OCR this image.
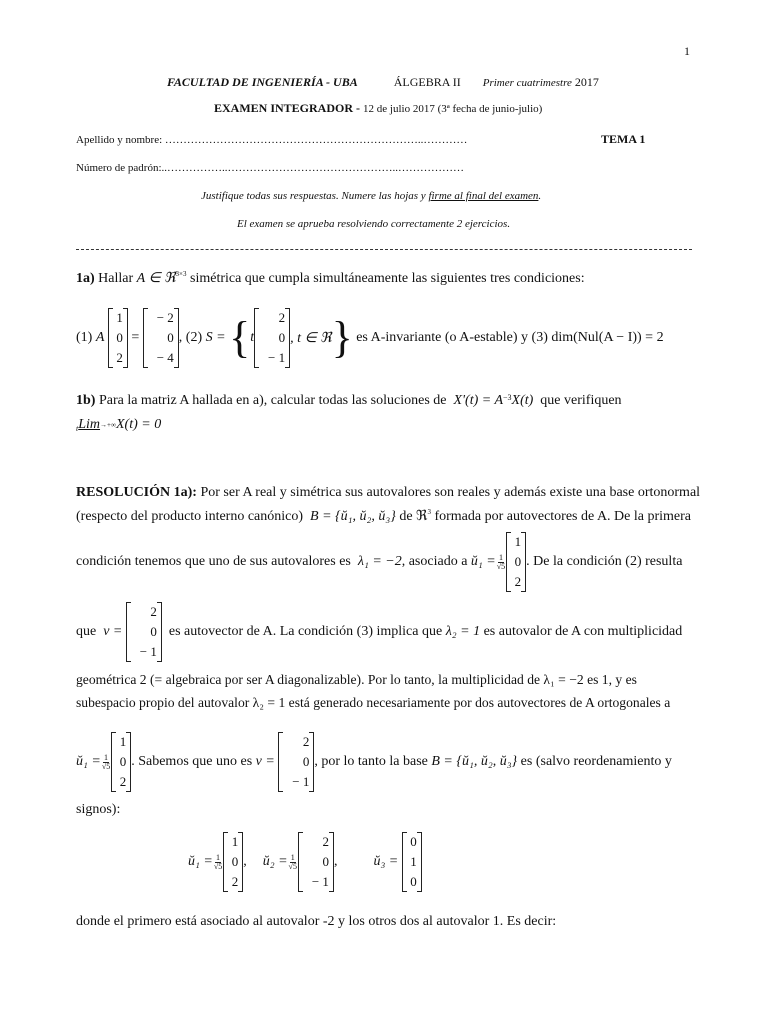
1
FACULTAD DE INGENIERÍA - UBA	ÁLGEBRA II Primer cuatrimestre 2017
EXAMEN INTEGRADOR - 12 de julio 2017 (3ª fecha de junio-julio)
Apellido y nombre: ……………………………………………………………..…………	TEMA 1
Número de padrón:..……………..………………………………………..………………
Justifique todas sus respuestas. Numere las hojas y firme al final del examen.
El examen se aprueba resolviendo correctamente 2 ejercicios.
1a)
Hallar
A ∈ ℜ$^{3\times 3}$
simétrica que cumpla simultáneamente las siguientes tres condiciones:
(1)
A

1
0
2

=

− 2
0
− 4
, (2)
S =
{ t
2
0
− 1
, t ∈ ℜ }
es A-invariante (o A-estable) y (3)
dim(Nul(A − I)) = 2
1b)
Para la matriz A hallada en a), calcular todas las soluciones de
$X'(t) = A^{-3}$ X(t)
que verifiquen
t Lim →+∞ X(t) = 0
RESOLUCIÓN 1a):
Por ser A real y simétrica sus autovalores son reales y además existe una base ortonormal
(respecto del producto interno canónico)
B = {ŭ₁, ŭ₂, ŭ₃}
de ℜ$^3$
formada por autovectores de A. De la primera
condición tenemos que uno de sus autovalores es
λ₁ = −2 , asociado a
ŭ₁ = $\frac{1}{√5}$
1
0
2
. De la condición (2) resulta
que
v =

2
0
− 1

es autovector de A. La condición (3) implica que
λ₂ = 1
es autovalor de A con multiplicidad
geométrica 2 (= algebraica por ser A diagonalizable). Por lo tanto, la multiplicidad de λ₁ = −2 es 1, y es
subespacio propio del autovalor λ₂ = 1 está generado necesariamente por dos autovectores de A ortogonales a
ŭ₁ = $\frac{1}{√5}$
1
0
2
. Sabemos que uno es
v =

2
0
− 1
, por lo tanto la base
B = {ŭ₁, ŭ₂, ŭ₃}
es (salvo reordenamiento y
signos):
ŭ₁ = $\frac{1}{√5}$
1
0
2
, ŭ₂ = $\frac{1}{√5}$
2
0
− 1
,	ŭ₃ =

0
1
0
donde el primero está asociado al autovalor -2 y los otros dos al autovalor 1. Es decir:
